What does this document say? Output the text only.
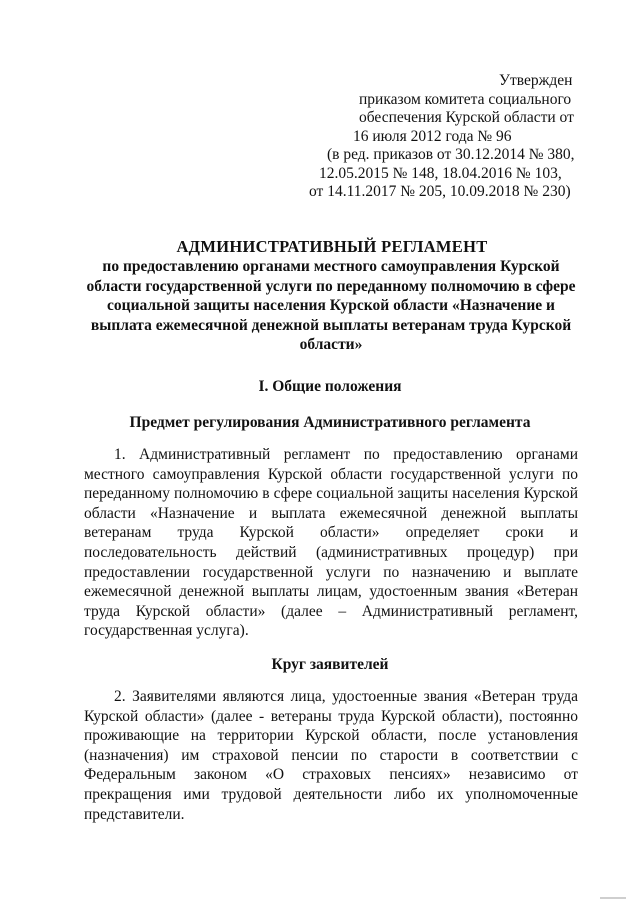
Утвержден
приказом комитета социального
обеспечения Курской области от
16 июля 2012 года № 96
(в ред. приказов от 30.12.2014 № 380,
12.05.2015 № 148, 18.04.2016 № 103,
от 14.11.2017 № 205, 10.09.2018 № 230)
АДМИНИСТРАТИВНЫЙ РЕГЛАМЕНТ
по предоставлению органами местного самоуправления Курской области государственной услуги по переданному полномочию в сфере социальной защиты населения Курской области «Назначение и выплата ежемесячной денежной выплаты ветеранам труда Курской области»
I. Общие положения
Предмет регулирования Административного регламента
1. Административный регламент по предоставлению органами местного самоуправления Курской области государственной услуги по переданному полномочию в сфере социальной защиты населения Курской области «Назначение и выплата ежемесячной денежной выплаты ветеранам труда Курской области» определяет сроки и последовательность действий (административных процедур) при предоставлении государственной услуги по назначению и выплате ежемесячной денежной выплаты лицам, удостоенным звания «Ветеран труда Курской области» (далее – Административный регламент, государственная услуга).
Круг заявителей
2. Заявителями являются лица, удостоенные звания «Ветеран труда Курской области» (далее - ветераны труда Курской области), постоянно проживающие на территории Курской области, после установления (назначения) им страховой пенсии по старости в соответствии с Федеральным законом «О страховых пенсиях» независимо от прекращения ими трудовой деятельности либо их уполномоченные представители.
